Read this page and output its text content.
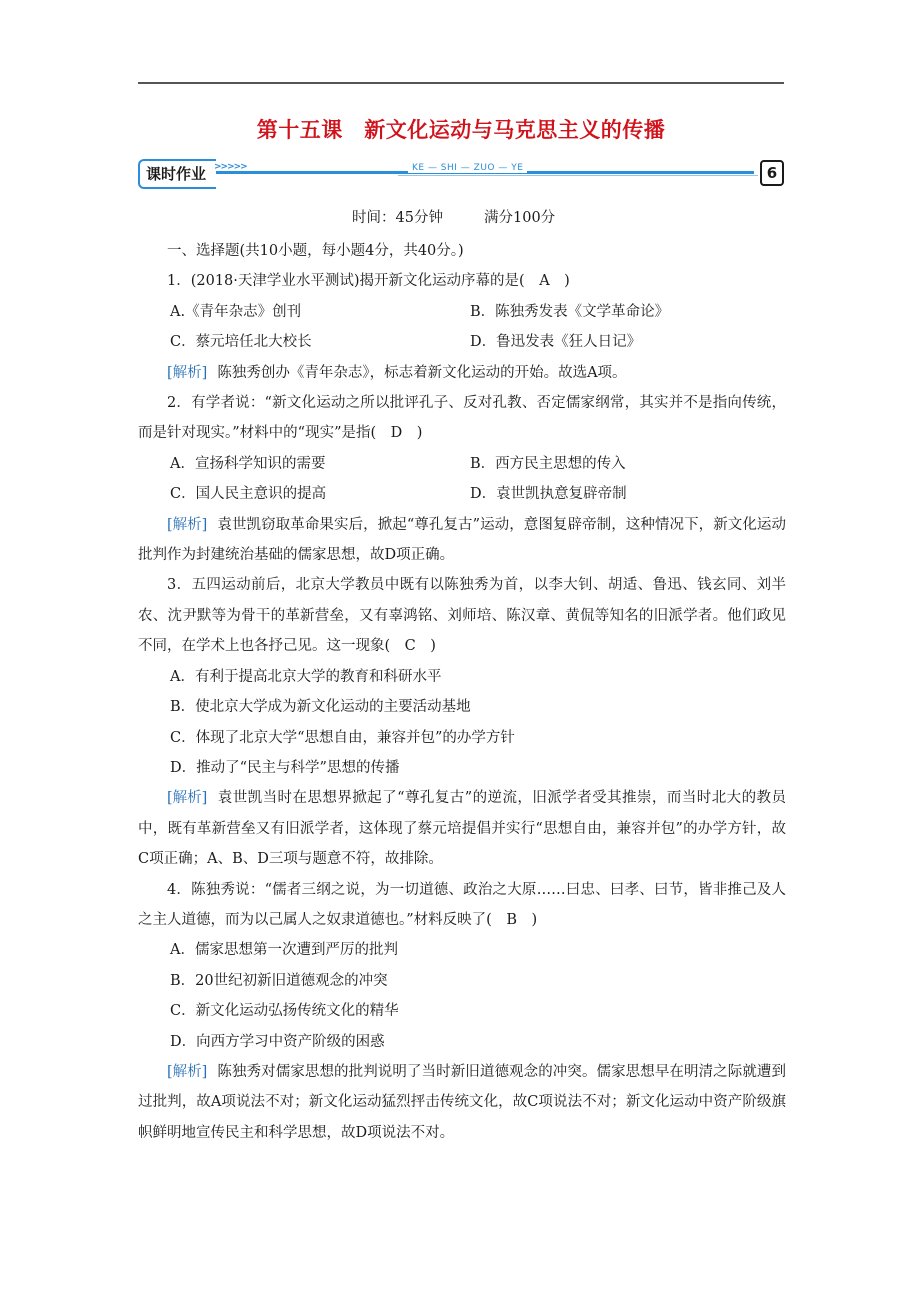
第十五课　新文化运动与马克思主义的传播
课时作业 >>>>>	KE — SHI — ZUO — YE	6
时间：45分钟	满分100分

一、选择题(共10小题，每小题4分，共40分。)

1．(2018·天津学业水平测试)揭开新文化运动序幕的是(　A　)

A.《青年杂志》创刊	B．陈独秀发表《文学革命论》
C．蔡元培任北大校长	D．鲁迅发表《狂人日记》

[解析] 陈独秀创办《青年杂志》，标志着新文化运动的开始。故选A项。

2．有学者说：“新文化运动之所以批评孔子、反对孔教、否定儒家纲常，其实并不是指向传统，而是针对现实。”材料中的“现实”是指(　D　)

A．宣扬科学知识的需要	B．西方民主思想的传入
C．国人民主意识的提高	D．袁世凯执意复辟帝制

[解析] 袁世凯窃取革命果实后，掀起“尊孔复古”运动，意图复辟帝制，这种情况下，新文化运动批判作为封建统治基础的儒家思想，故D项正确。

3．五四运动前后，北京大学教员中既有以陈独秀为首，以李大钊、胡适、鲁迅、钱玄同、刘半农、沈尹默等为骨干的革新营垒，又有辜鸿铭、刘师培、陈汉章、黄侃等知名的旧派学者。他们政见不同，在学术上也各抒己见。这一现象(　C　)

A．有利于提高北京大学的教育和科研水平

B．使北京大学成为新文化运动的主要活动基地

C．体现了北京大学“思想自由，兼容并包”的办学方针

D．推动了“民主与科学”思想的传播

[解析] 袁世凯当时在思想界掀起了“尊孔复古”的逆流，旧派学者受其推崇，而当时北大的教员中，既有革新营垒又有旧派学者，这体现了蔡元培提倡并实行“思想自由，兼容并包”的办学方针，故C项正确；A、B、D三项与题意不符，故排除。

4．陈独秀说：“儒者三纲之说，为一切道德、政治之大原……曰忠、曰孝、曰节，皆非推己及人之主人道德，而为以己属人之奴隶道德也。”材料反映了(　B　)

A．儒家思想第一次遭到严厉的批判

B．20世纪初新旧道德观念的冲突

C．新文化运动弘扬传统文化的精华

D．向西方学习中资产阶级的困惑

[解析] 陈独秀对儒家思想的批判说明了当时新旧道德观念的冲突。儒家思想早在明清之际就遭到过批判，故A项说法不对；新文化运动猛烈抨击传统文化，故C项说法不对；新文化运动中资产阶级旗帜鲜明地宣传民主和科学思想，故D项说法不对。
